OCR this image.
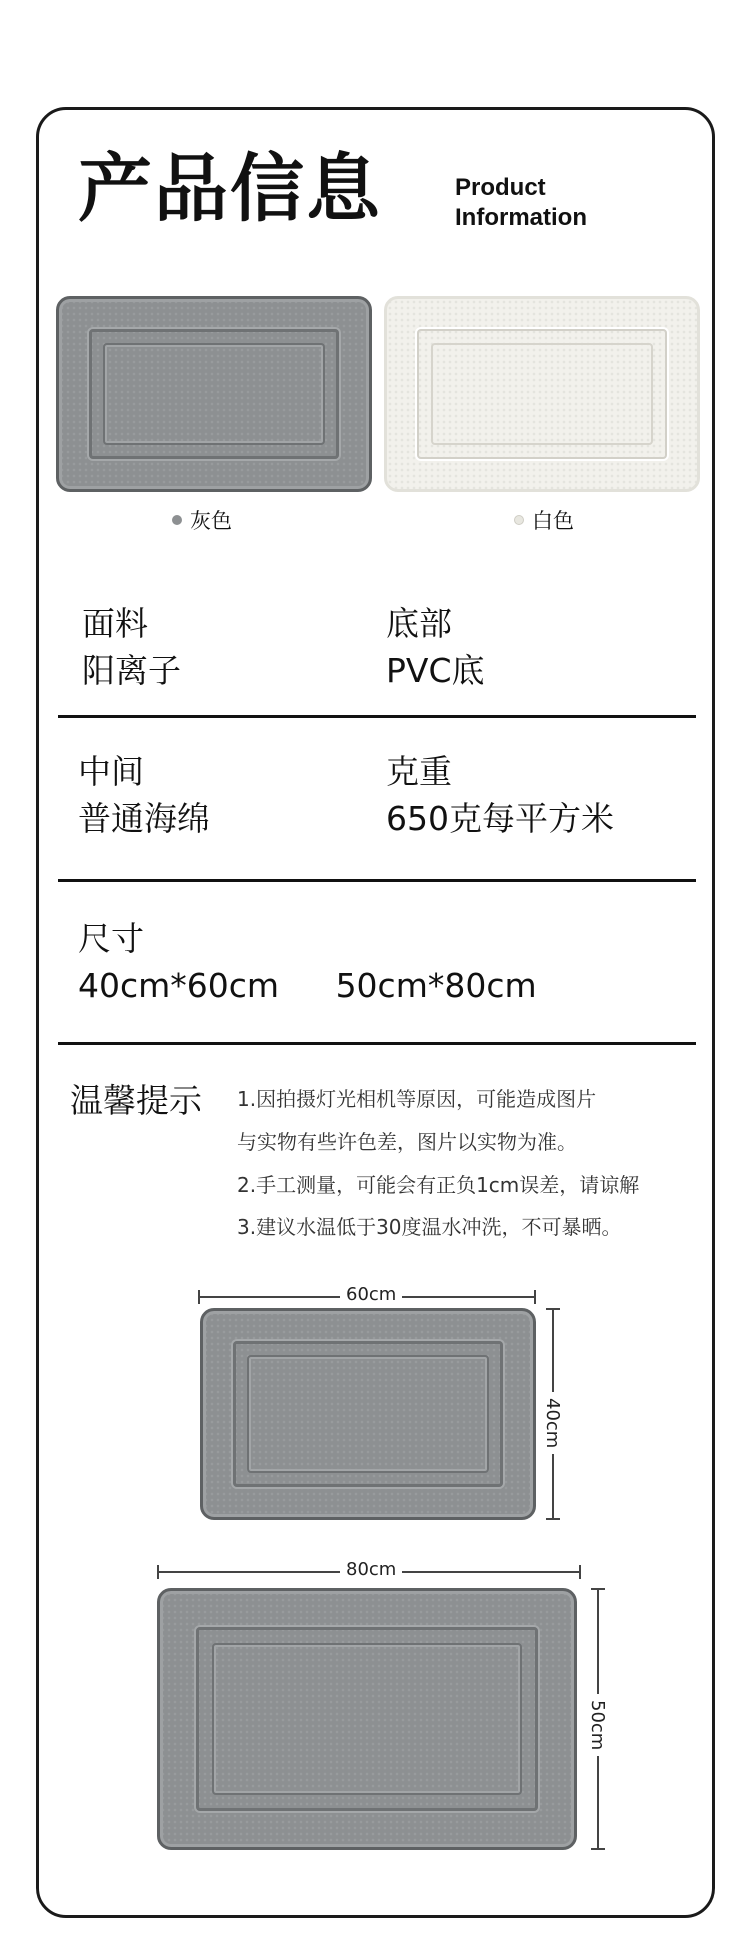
产品信息	Product
Information
灰色	白色
面料
阳离子
底部
PVC底
中间
普通海绵
克重
650克每平方米
尺寸
40cm*60cm 50cm*80cm
温馨提示 1.因拍摄灯光相机等原因，可能造成图片
与实物有些许色差，图片以实物为准。
2.手工测量，可能会有正负1cm误差，请谅解
3.建议水温低于30度温水冲洗，不可暴晒。
60cm
40cm
80cm
50cm
